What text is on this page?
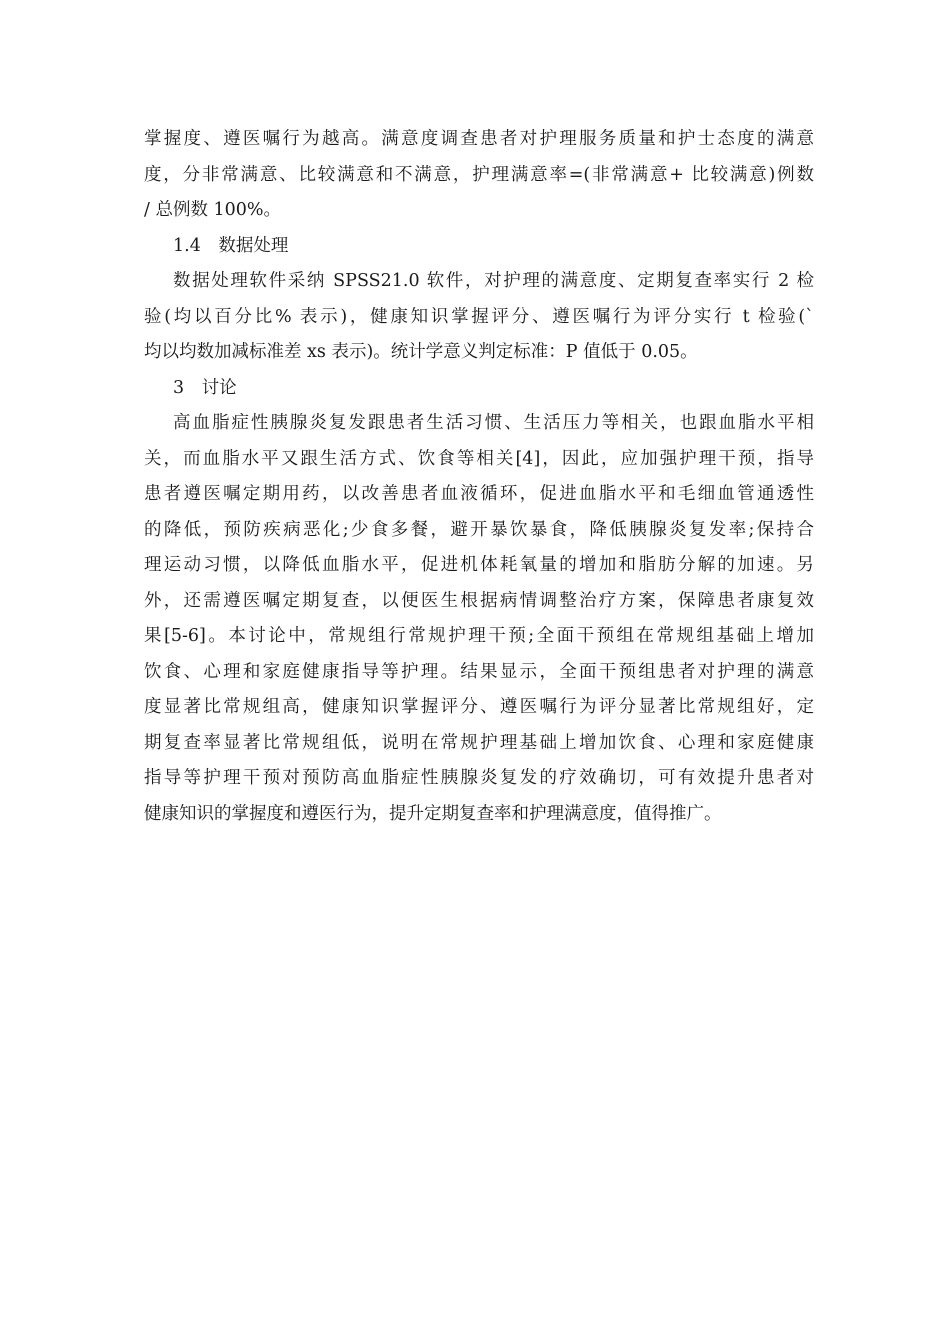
掌握度、遵医嘱行为越高。满意度调查患者对护理服务质量和护士态度的满意
度，分非常满意、比较满意和不满意，护理满意率=(非常满意+ 比较满意)例数
/ 总例数 100%。
1.4　数据处理
数据处理软件采纳 SPSS21.0 软件，对护理的满意度、定期复查率实行 2 检
验(均以百分比% 表示)，健康知识掌握评分、遵医嘱行为评分实行 t 检验(`
均以均数加减标准差 xs 表示)。统计学意义判定标准：P 值低于 0.05。
3　讨论
高血脂症性胰腺炎复发跟患者生活习惯、生活压力等相关，也跟血脂水平相
关，而血脂水平又跟生活方式、饮食等相关[4]，因此，应加强护理干预，指导
患者遵医嘱定期用药，以改善患者血液循环，促进血脂水平和毛细血管通透性
的降低，预防疾病恶化;少食多餐，避开暴饮暴食，降低胰腺炎复发率;保持合
理运动习惯，以降低血脂水平，促进机体耗氧量的增加和脂肪分解的加速。另
外，还需遵医嘱定期复查，以便医生根据病情调整治疗方案，保障患者康复效
果[5-6]。本讨论中，常规组行常规护理干预;全面干预组在常规组基础上增加
饮食、心理和家庭健康指导等护理。结果显示，全面干预组患者对护理的满意
度显著比常规组高，健康知识掌握评分、遵医嘱行为评分显著比常规组好，定
期复查率显著比常规组低，说明在常规护理基础上增加饮食、心理和家庭健康
指导等护理干预对预防高血脂症性胰腺炎复发的疗效确切，可有效提升患者对
健康知识的掌握度和遵医行为，提升定期复查率和护理满意度，值得推广。
